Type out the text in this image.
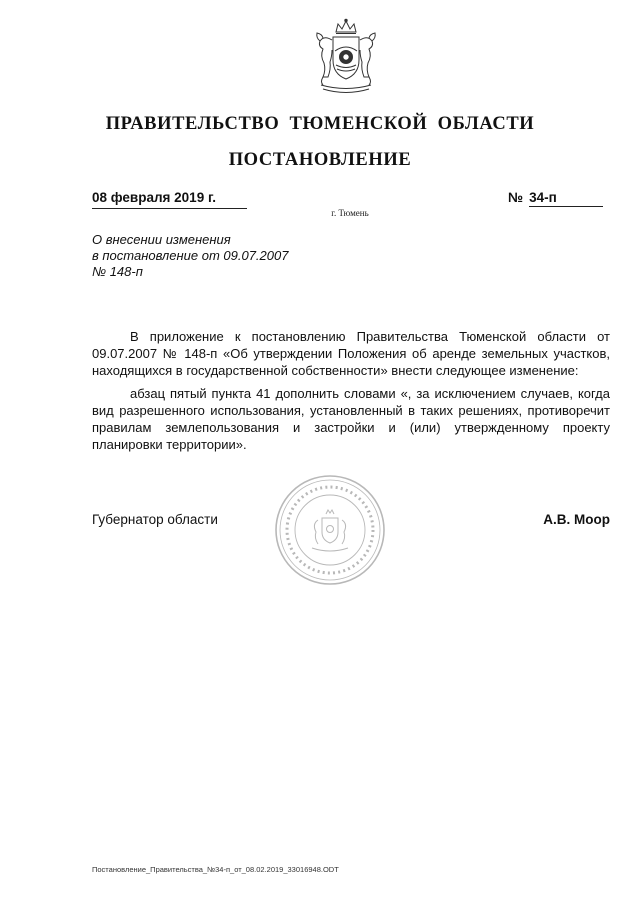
ПРАВИТЕЛЬСТВО ТЮМЕНСКОЙ ОБЛАСТИ
ПОСТАНОВЛЕНИЕ
08 февраля 2019 г.	№ 34-п
г. Тюмень
О внесении изменения
в постановление от 09.07.2007
№ 148-п

В приложение к постановлению Правительства Тюменской области от 09.07.2007 № 148-п «Об утверждении Положения об аренде земельных участков, находящихся в государственной собственности» внести следующее изменение:

абзац пятый пункта 41 дополнить словами «, за исключением случаев, когда вид разрешенного использования, установленный в таких решениях, противоречит правилам землепользования и застройки и (или) утвержденному проекту планировки территории».

Губернатор области	А.В. Моор
Постановление_Правительства_№34-п_от_08.02.2019_33016948.ODT
